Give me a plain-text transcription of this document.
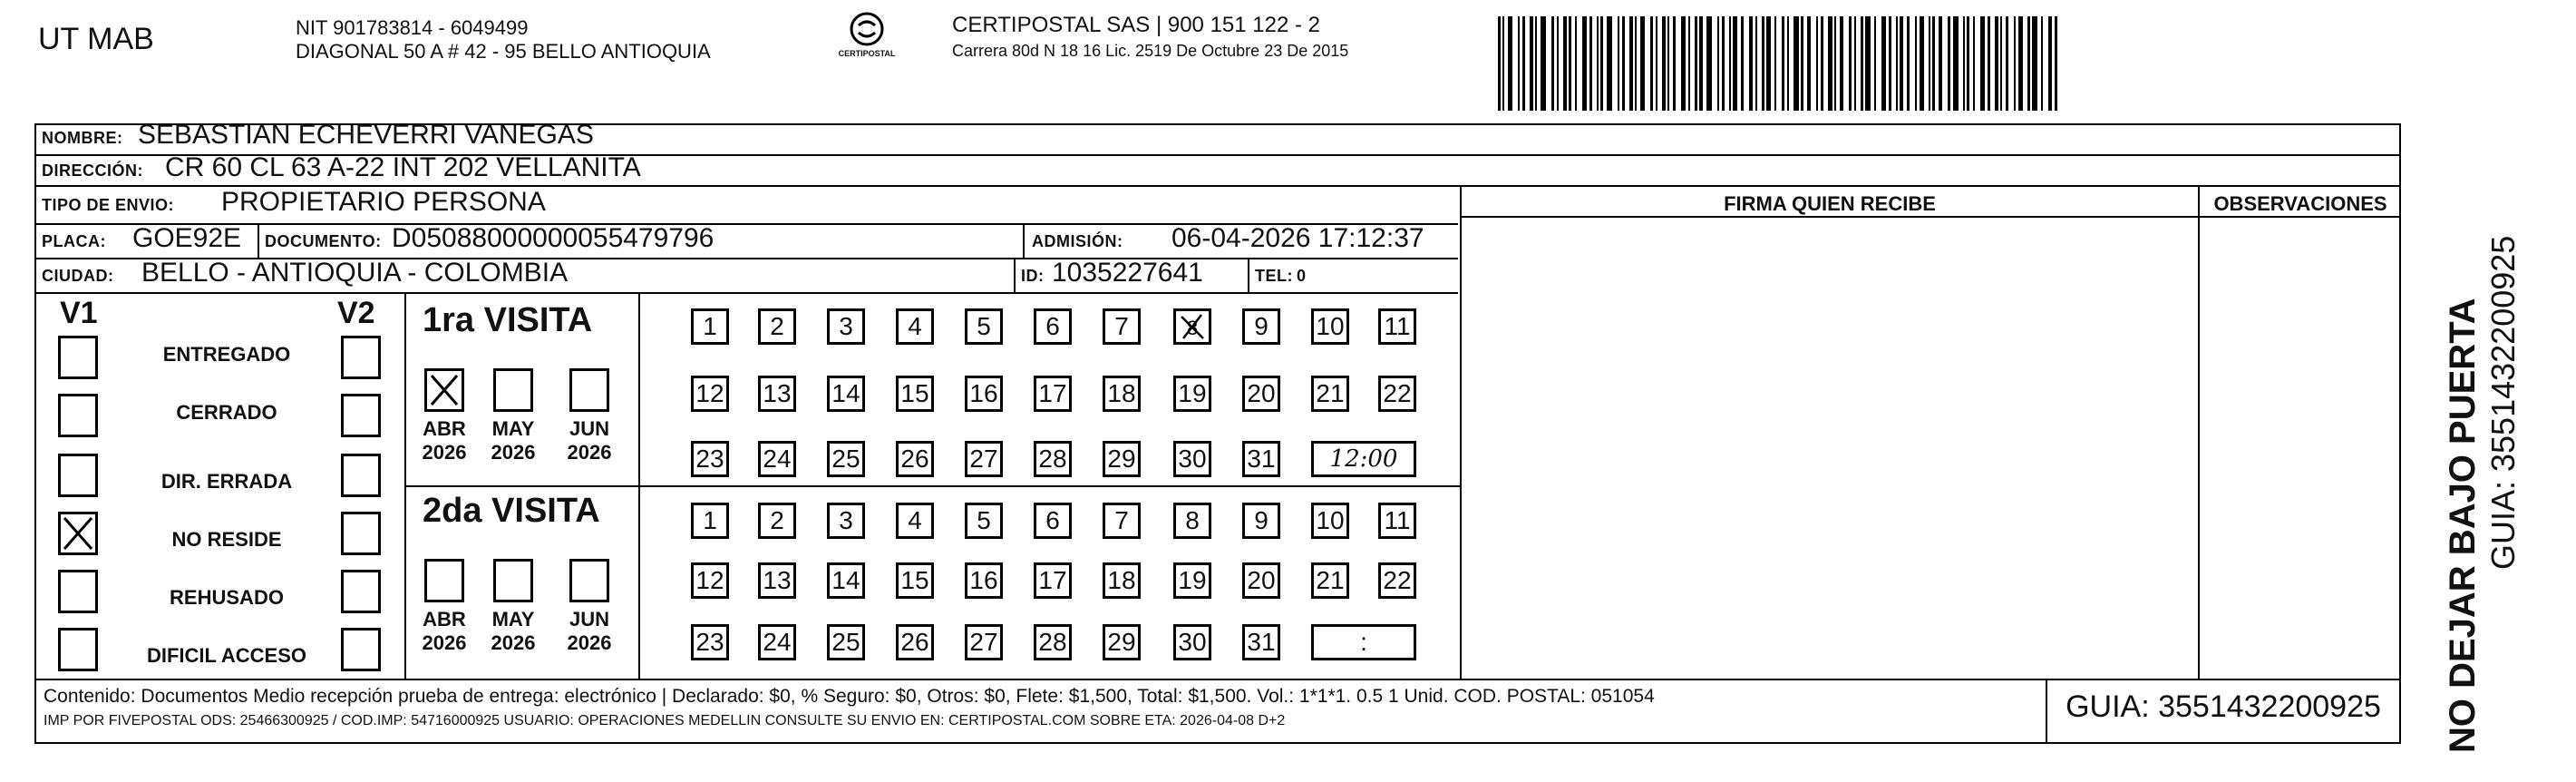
UT MAB	NIT 901783814 - 6049499
DIAGONAL 50 A # 42 - 95 BELLO ANTIOQUIA	CERTIPOSTAL
CERTIPOSTAL SAS | 900 151 122 - 2
Carrera 80d N 18 16 Lic. 2519 De Octubre 23 De 2015
NOMBRE: SEBASTIAN ECHEVERRI VANEGAS
DIRECCIÓN: CR 60 CL 63 A-22 INT 202 VELLANITA
TIPO DE ENVIO: PROPIETARIO PERSONA	FIRMA QUIEN RECIBE	OBSERVACIONES
PLACA: GOE92E DOCUMENTO: D05088000000055479796	ADMISIÓN: 06-04-2026 17:12:37
CIUDAD: BELLO - ANTIOQUIA - COLOMBIA	ID: 1035227641	TEL: 0
V1	V2
ENTREGADO
CERRADO
DIR. ERRADA
NO RESIDE
REHUSADO
DIFICIL ACCESO
1ra VISITA
2da VISITA
ABR
2026
MAY
2026
JUN
2026
ABR
2026
MAY
2026
JUN
2026
1	2	3	4	5	6	7	8	9	10 11
12 13 14 15 16 17 18 19 20 21 22
23 24 25 26 27 28 29 30 31	12:00
1	2	3	4	5	6	7	8	9	10 11
12 13 14 15 16 17 18 19 20 21 22
23 24 25 26 27 28 29 30 31	:
Contenido: Documentos Medio recepción prueba de entrega: electrónico | Declarado: $0, % Seguro: $0, Otros: $0, Flete: $1,500, Total: $1,500. Vol.: 1*1*1. 0.5 1 Unid. COD. POSTAL: 051054
IMP POR FIVEPOSTAL ODS: 25466300925 / COD.IMP: 54716000925 USUARIO: OPERACIONES MEDELLIN CONSULTE SU ENVIO EN: CERTIPOSTAL.COM SOBRE ETA: 2026-04-08 D+2	GUIA: 3551432200925	NO DEJAR BAJO PUERTA GUIA: 3551432200925
